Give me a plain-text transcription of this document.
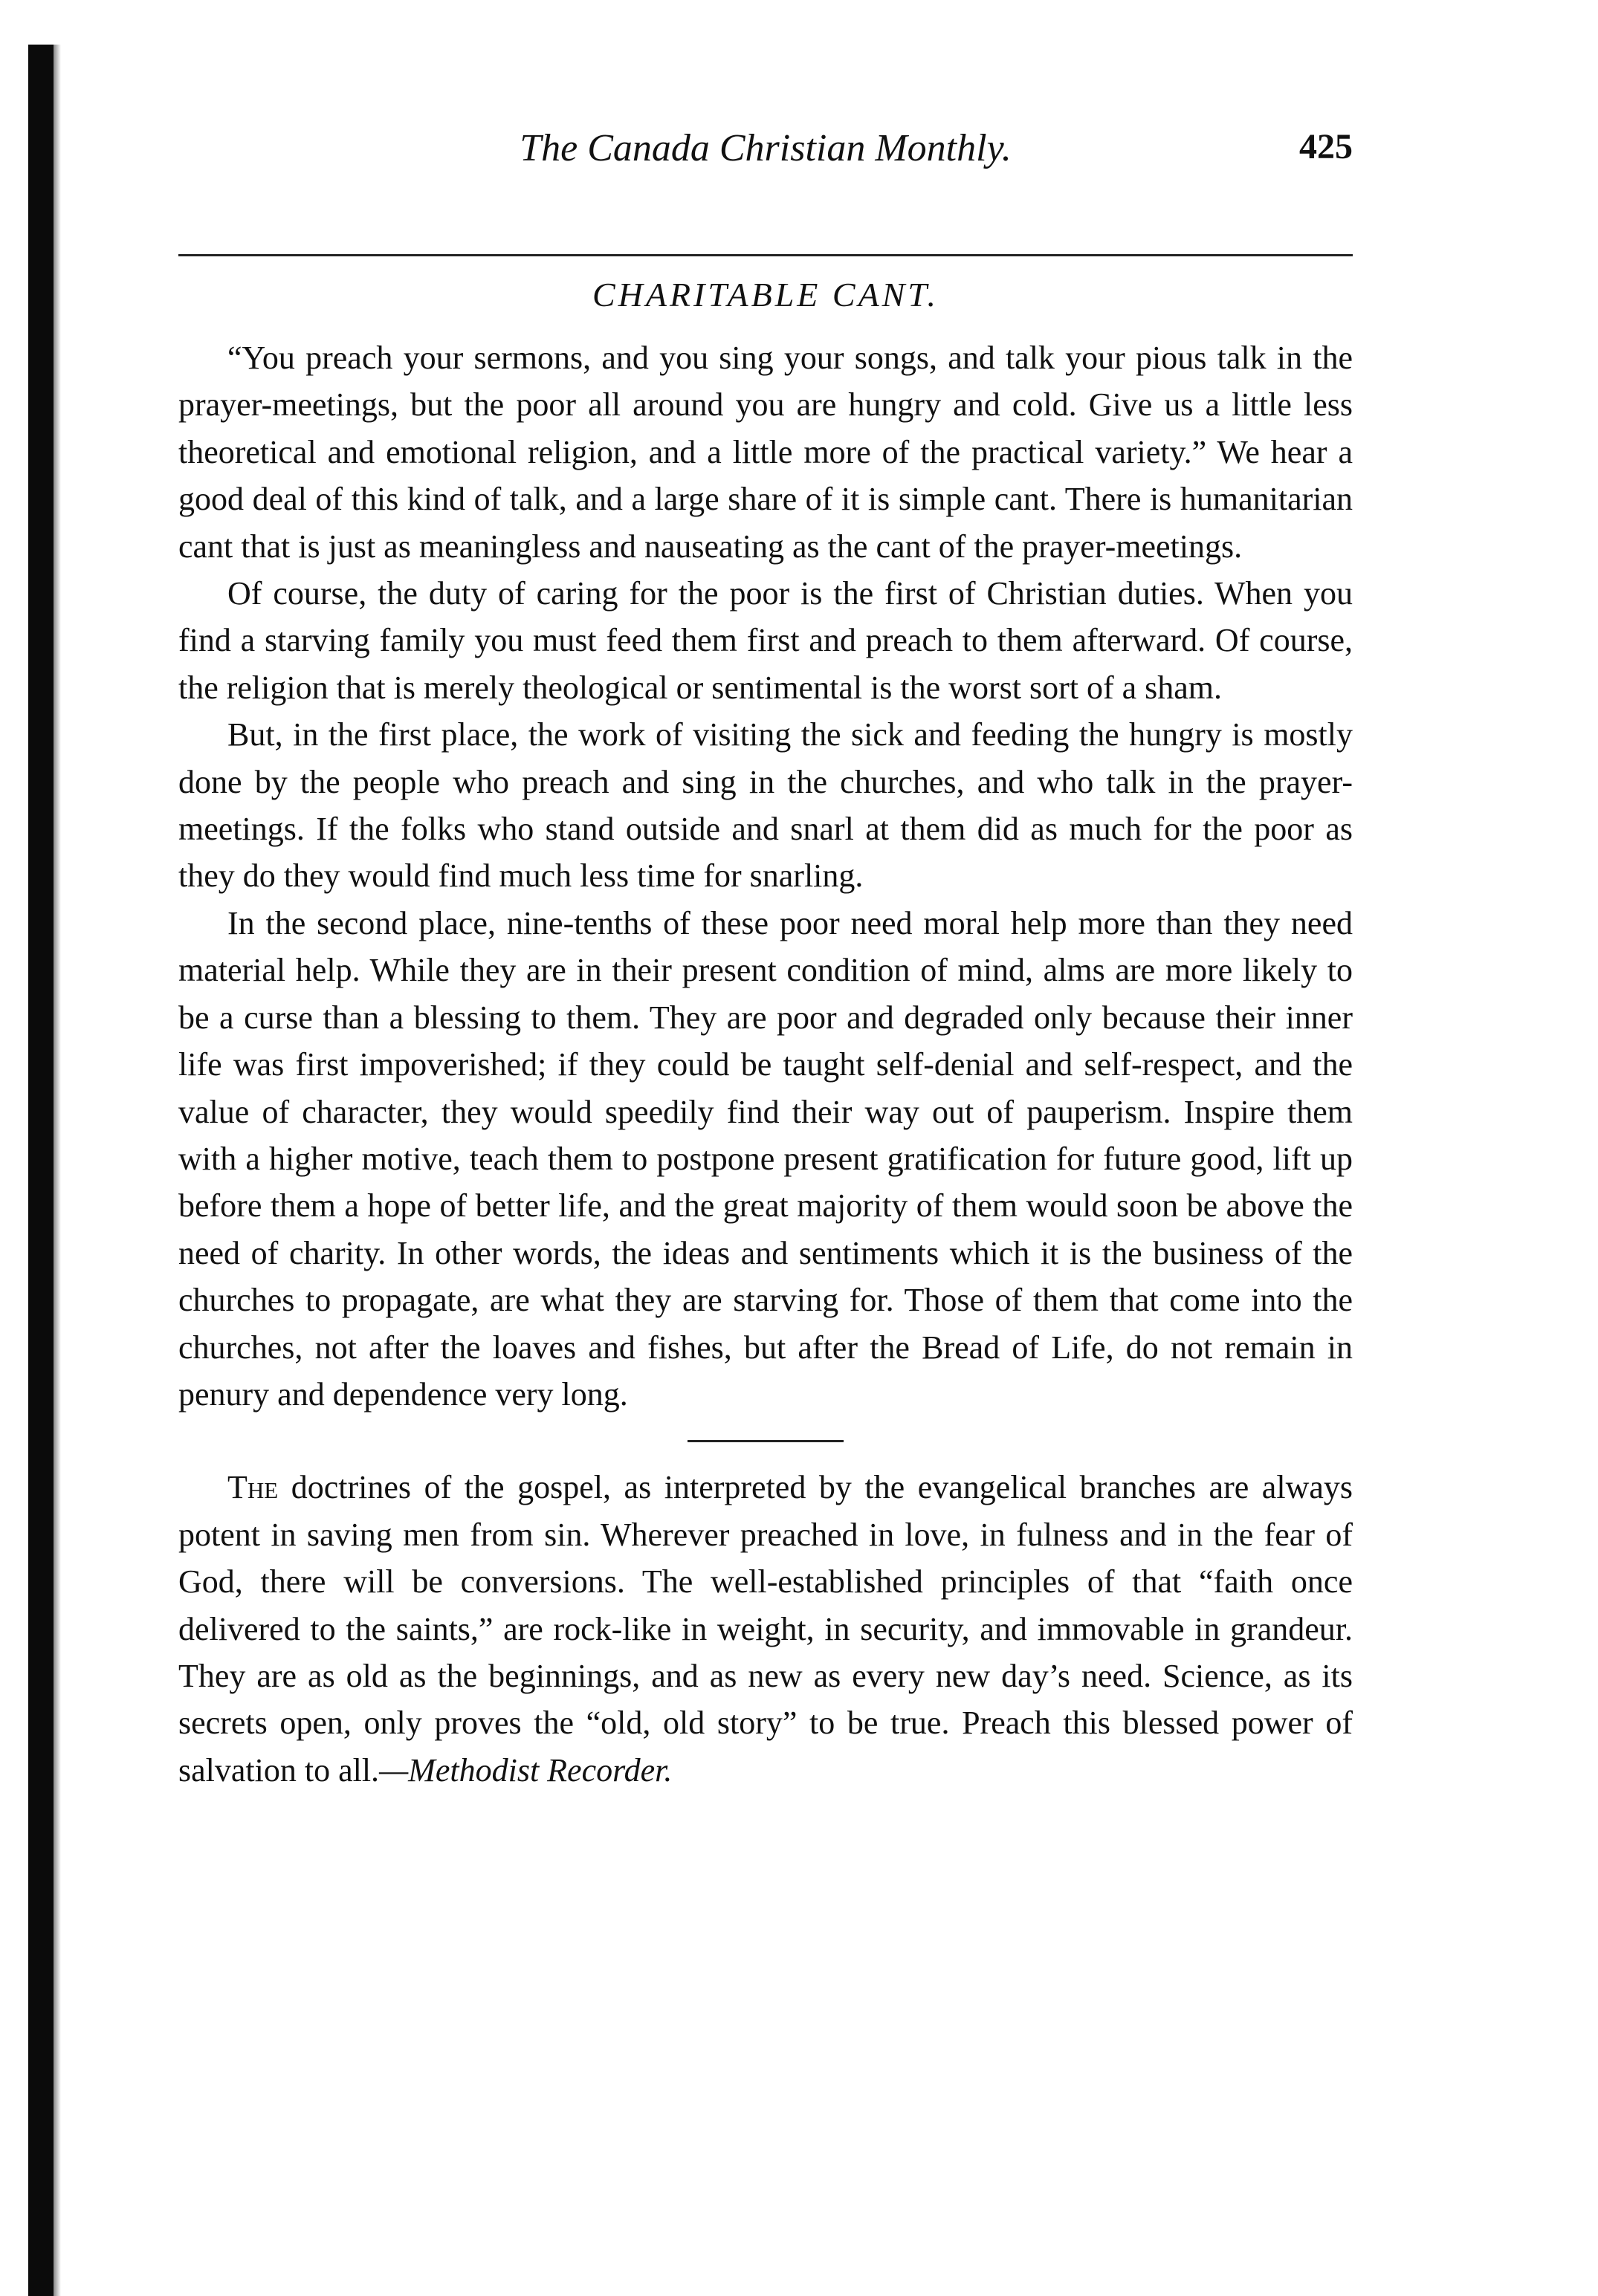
The Canada Christian Monthly.	425
CHARITABLE CANT.

“You preach your sermons, and you sing your songs, and talk your pious talk in the prayer-meetings, but the poor all around you are hungry and cold. Give us a little less theoretical and emotional religion, and a little more of the practical variety.” We hear a good deal of this kind of talk, and a large share of it is simple cant. There is humanitarian cant that is just as meaningless and nauseating as the cant of the prayer-meetings.

Of course, the duty of caring for the poor is the first of Christian duties. When you find a starving family you must feed them first and preach to them afterward. Of course, the religion that is merely theological or sentimental is the worst sort of a sham.

But, in the first place, the work of visiting the sick and feeding the hungry is mostly done by the people who preach and sing in the churches, and who talk in the prayer-meetings. If the folks who stand outside and snarl at them did as much for the poor as they do they would find much less time for snarling.

In the second place, nine-tenths of these poor need moral help more than they need material help. While they are in their present condition of mind, alms are more likely to be a curse than a blessing to them. They are poor and degraded only because their inner life was first impoverished; if they could be taught self-denial and self-respect, and the value of character, they would speedily find their way out of pauperism. Inspire them with a higher motive, teach them to postpone present gratification for future good, lift up before them a hope of better life, and the great majority of them would soon be above the need of charity. In other words, the ideas and sentiments which it is the business of the churches to propagate, are what they are starving for. Those of them that come into the churches, not after the loaves and fishes, but after the Bread of Life, do not remain in penury and dependence very long.

The doctrines of the gospel, as interpreted by the evangelical branches are always potent in saving men from sin. Wherever preached in love, in fulness and in the fear of God, there will be conversions. The well-established principles of that “faith once delivered to the saints,” are rock-like in weight, in security, and immovable in grandeur. They are as old as the beginnings, and as new as every new day’s need. Science, as its secrets open, only proves the “old, old story” to be true. Preach this blessed power of salvation to all.—Methodist Recorder.
